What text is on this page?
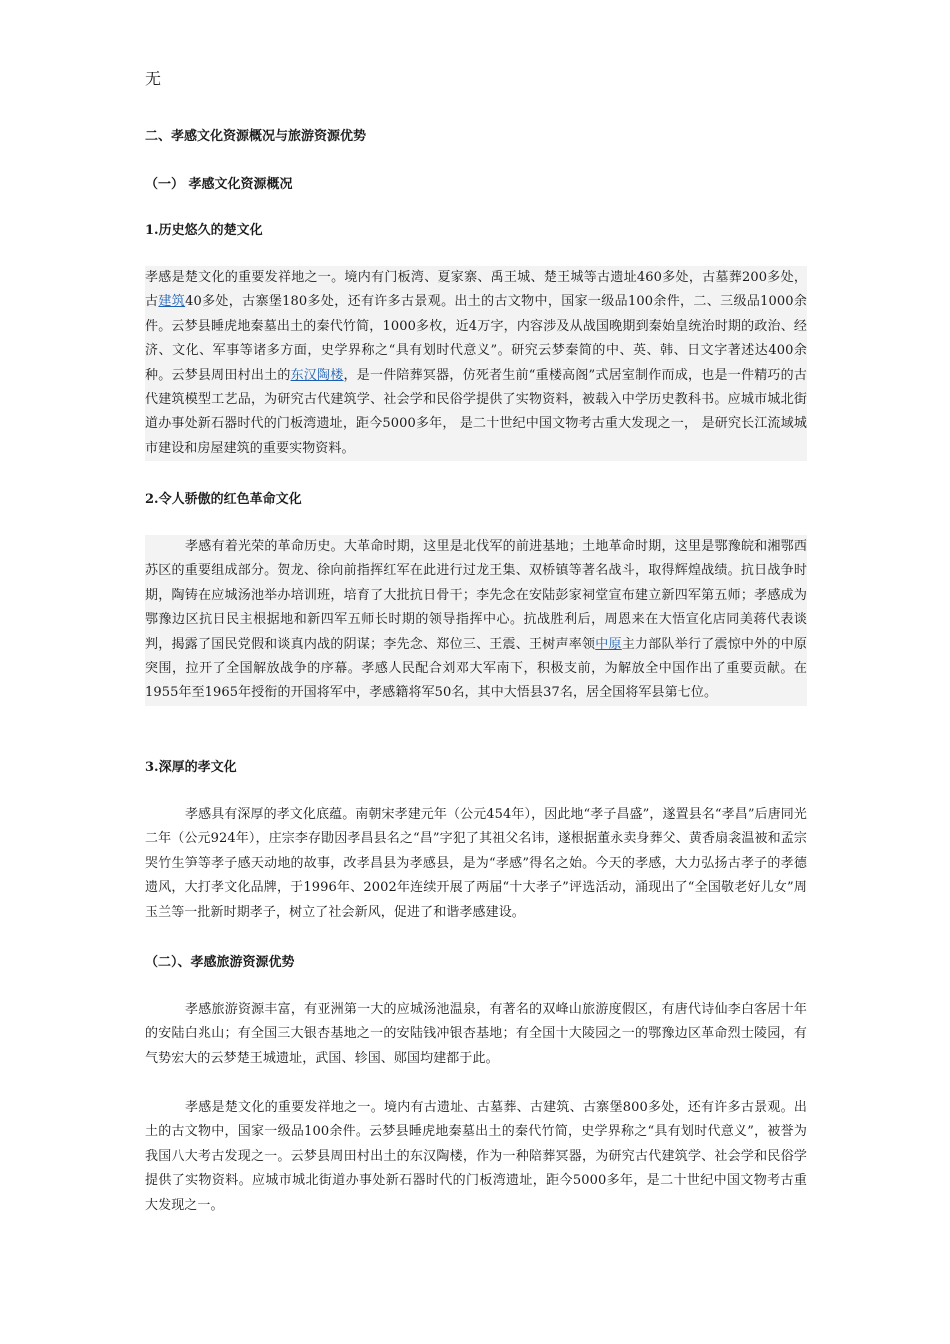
无
二、孝感文化资源概况与旅游资源优势
（一） 孝感文化资源概况
1.历史悠久的楚文化

孝感是楚文化的重要发祥地之一。境内有门板湾、夏家寨、禹王城、楚王城等古遗址460多处，古墓葬200多处，古建筑40多处，古寨堡180多处，还有许多古景观。出土的古文物中，国家一级品100余件，二、三级品1000余件。云梦县睡虎地秦墓出土的秦代竹简，1000多枚，近4万字，内容涉及从战国晚期到秦始皇统治时期的政治、经济、文化、军事等诸多方面，史学界称之“具有划时代意义”。研究云梦秦简的中、英、韩、日文字著述达400余种。云梦县周田村出土的东汉陶楼，是一件陪葬冥器，仿死者生前“重楼高阁”式居室制作而成，也是一件精巧的古代建筑模型工艺品，为研究古代建筑学、社会学和民俗学提供了实物资料，被载入中学历史教科书。应城市城北街道办事处新石器时代的门板湾遗址，距今5000多年， 是二十世纪中国文物考古重大发现之一， 是研究长江流域城市建设和房屋建筑的重要实物资料。

2.令人骄傲的红色革命文化

孝感有着光荣的革命历史。大革命时期，这里是北伐军的前进基地；土地革命时期，这里是鄂豫皖和湘鄂西苏区的重要组成部分。贺龙、徐向前指挥红军在此进行过龙王集、双桥镇等著名战斗，取得辉煌战绩。抗日战争时期，陶铸在应城汤池举办培训班，培育了大批抗日骨干；李先念在安陆彭家祠堂宣布建立新四军第五师；孝感成为鄂豫边区抗日民主根据地和新四军五师长时期的领导指挥中心。抗战胜利后，周恩来在大悟宣化店同美蒋代表谈判，揭露了国民党假和谈真内战的阴谋；李先念、郑位三、王震、王树声率领中原主力部队举行了震惊中外的中原突围，拉开了全国解放战争的序幕。孝感人民配合刘邓大军南下，积极支前，为解放全中国作出了重要贡献。在1955年至1965年授衔的开国将军中，孝感籍将军50名，其中大悟县37名，居全国将军县第七位。

3.深厚的孝文化

孝感具有深厚的孝文化底蕴。南朝宋孝建元年（公元454年），因此地“孝子昌盛”，遂置县名“孝昌”后唐同光二年（公元924年），庄宗李存勖因孝昌县名之“昌”字犯了其祖父名讳，遂根据董永卖身葬父、黄香扇衾温被和孟宗哭竹生笋等孝子感天动地的故事，改孝昌县为孝感县，是为“孝感”得名之始。今天的孝感，大力弘扬古孝子的孝德遗风，大打孝文化品牌，于1996年、2002年连续开展了两届“十大孝子”评选活动，涌现出了“全国敬老好儿女”周玉兰等一批新时期孝子，树立了社会新风，促进了和谐孝感建设。

（二）、孝感旅游资源优势

孝感旅游资源丰富，有亚洲第一大的应城汤池温泉，有著名的双峰山旅游度假区，有唐代诗仙李白客居十年的安陆白兆山；有全国三大银杏基地之一的安陆钱冲银杏基地；有全国十大陵园之一的鄂豫边区革命烈士陵园，有气势宏大的云梦楚王城遗址，武国、轸国、郧国均建都于此。

孝感是楚文化的重要发祥地之一。境内有古遗址、古墓葬、古建筑、古寨堡800多处，还有许多古景观。出土的古文物中，国家一级品100余件。云梦县睡虎地秦墓出土的秦代竹简，史学界称之“具有划时代意义”，被誉为我国八大考古发现之一。云梦县周田村出土的东汉陶楼，作为一种陪葬冥器，为研究古代建筑学、社会学和民俗学提供了实物资料。应城市城北街道办事处新石器时代的门板湾遗址，距今5000多年，是二十世纪中国文物考古重大发现之一。
